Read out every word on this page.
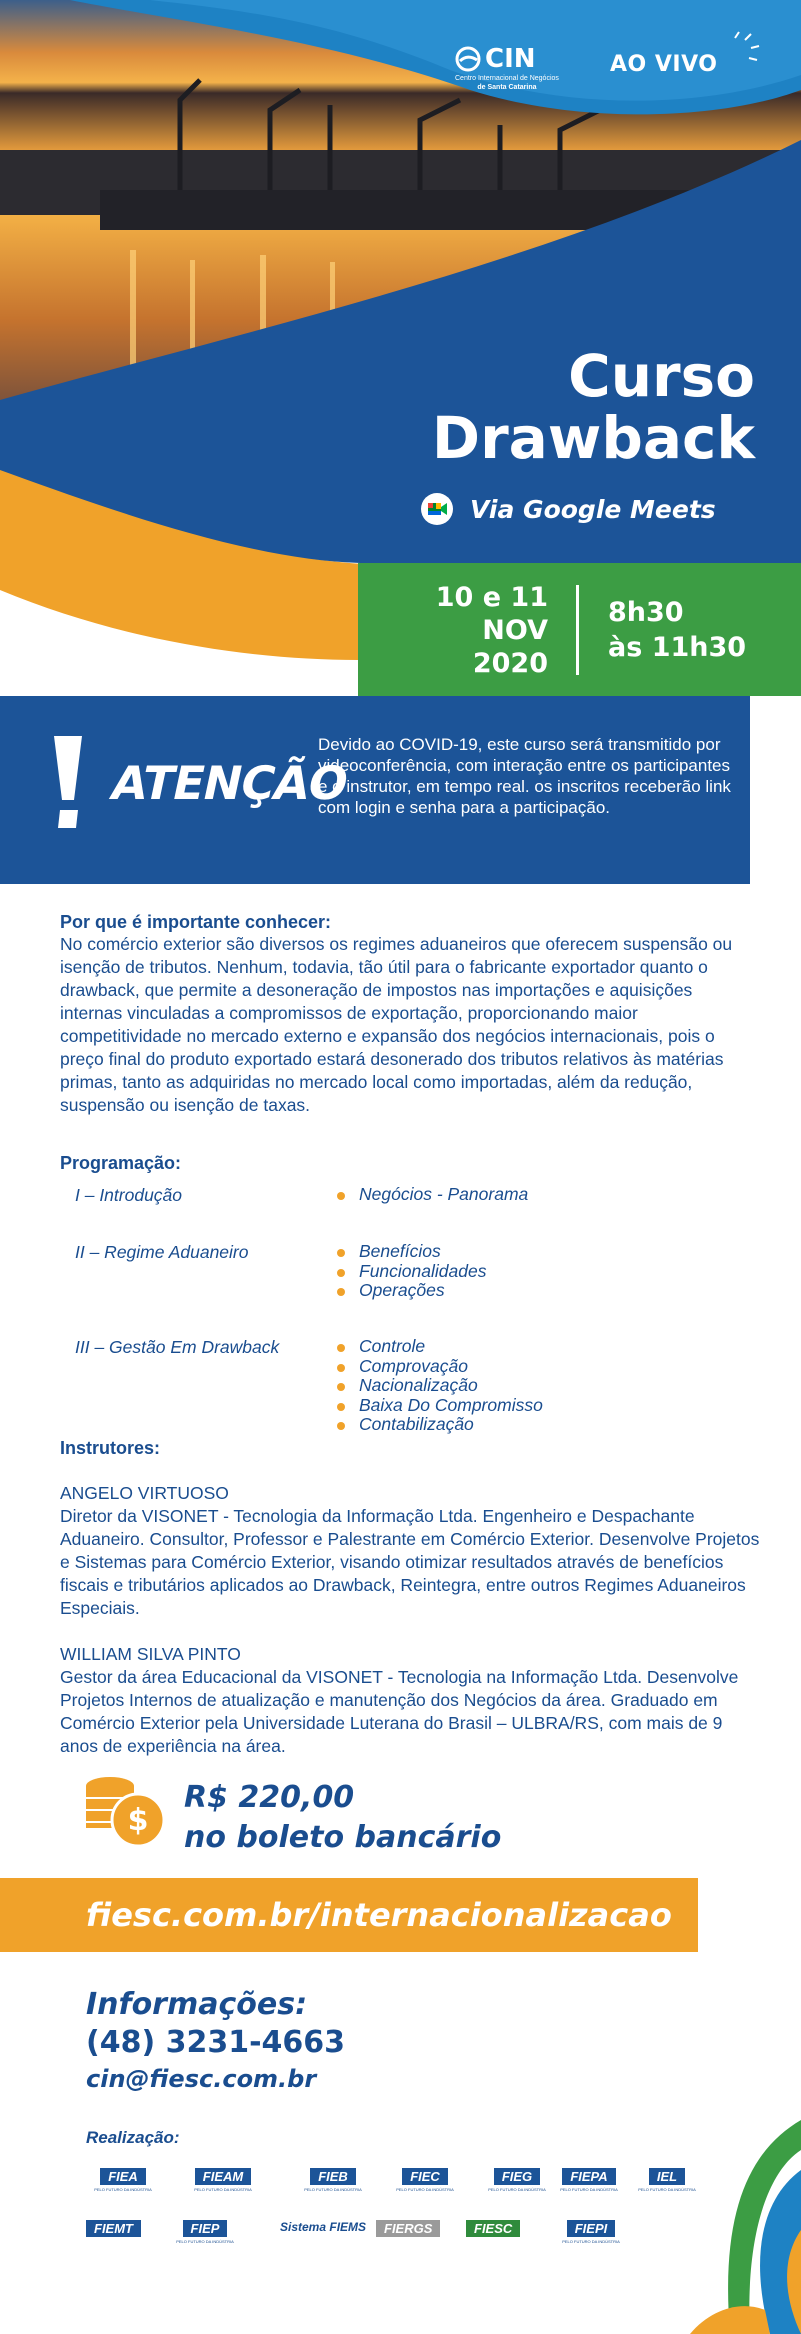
CIN
Centro Internacional de Negócios
de Santa Catarina
AO VIVO
Curso
Drawback
Via Google Meets
10 e 11
NOV
2020
8h30
às 11h30
ATENÇÃO
Devido ao COVID-19, este curso será transmitido por videoconferência, com interação entre os participantes e o instrutor, em tempo real. os inscritos receberão link com login e senha para a participação.
Por que é importante conhecer:
No comércio exterior são diversos os regimes aduaneiros que oferecem suspensão ou isenção de tributos. Nenhum, todavia, tão útil para o fabricante exportador quanto o drawback, que permite a desoneração de impostos nas importações e aquisições internas vinculadas a compromissos de exportação, proporcionando maior competitividade no mercado externo e expansão dos negócios internacionais, pois o preço final do produto exportado estará desonerado dos tributos relativos às matérias primas, tanto as adquiridas no mercado local como importadas, além da redução, suspensão ou isenção de taxas.
Programação:
I – Introdução	Negócios - Panorama
II – Regime Aduaneiro	Benefícios
Funcionalidades
Operações
III – Gestão Em Drawback	Controle
Comprovação
Nacionalização
Baixa Do Compromisso
Contabilização
Instrutores:
ANGELO VIRTUOSO
Diretor da VISONET - Tecnologia da Informação Ltda. Engenheiro e Despachante Aduaneiro. Consultor, Professor e Palestrante em Comércio Exterior. Desenvolve Projetos e Sistemas para Comércio Exterior, visando otimizar resultados através de benefícios fiscais e tributários aplicados ao Drawback, Reintegra, entre outros Regimes Aduaneiros Especiais.
WILLIAM SILVA PINTO
Gestor da área Educacional da VISONET - Tecnologia na Informação Ltda. Desenvolve Projetos Internos de atualização e manutenção dos Negócios da área. Graduado em Comércio Exterior pela Universidade Luterana do Brasil – ULBRA/RS, com mais de 9 anos de experiência na área.
$
R$ 220,00
no boleto bancário
fiesc.com.br/internacionalizacao
Informações:
(48) 3231-4663
cin@fiesc.com.br
Realização:
FIEA
PELO FUTURO DA INDÚSTRIA
FIEAM
PELO FUTURO DA INDÚSTRIA
FIEB
PELO FUTURO DA INDÚSTRIA
FIEC
PELO FUTURO DA INDÚSTRIA
FIEG
PELO FUTURO DA INDÚSTRIA
FIEPA
PELO FUTURO DA INDÚSTRIA
IEL
PELO FUTURO DA INDÚSTRIA
FIEMT	FIEP
PELO FUTURO DA INDÚSTRIA
Sistema FIEMS	FIERGS	FIESC	FIEPI
PELO FUTURO DA INDÚSTRIA
